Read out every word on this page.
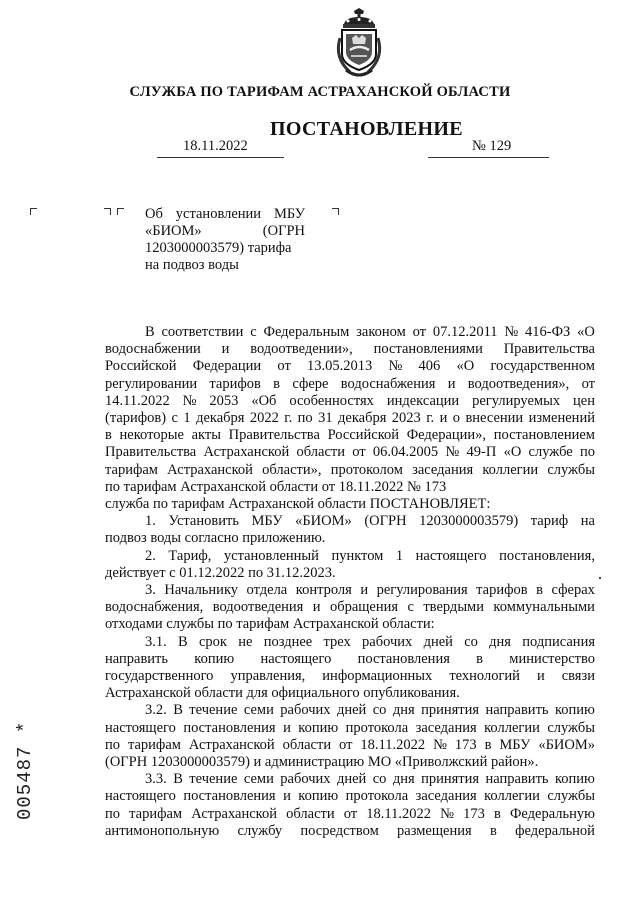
СЛУЖБА ПО ТАРИФАМ АСТРАХАНСКОЙ ОБЛАСТИ
ПОСТАНОВЛЕНИЕ
18.11.2022	№ 129
Об установлении МБУ
«БИОМ»	(ОГРН
1203000003579) тарифа
на подвоз воды
В соответствии с Федеральным законом от 07.12.2011 № 416-ФЗ «О
водоснабжении и водоотведении», постановлениями Правительства
Российской Федерации от 13.05.2013 № 406 «О государственном
регулировании тарифов в сфере водоснабжения и водоотведения», от
14.11.2022 № 2053 «Об особенностях индексации регулируемых цен
(тарифов) с 1 декабря 2022 г. по 31 декабря 2023 г. и о внесении изменений
в некоторые акты Правительства Российской Федерации», постановлением
Правительства Астраханской области от 06.04.2005 № 49-П «О службе по
тарифам Астраханской области», протоколом заседания коллегии службы
по тарифам Астраханской области от 18.11.2022 № 173
служба по тарифам Астраханской области ПОСТАНОВЛЯЕТ:
1. Установить МБУ «БИОМ» (ОГРН 1203000003579) тариф на
подвоз воды согласно приложению.
2. Тариф, установленный пунктом 1 настоящего постановления,
действует с 01.12.2022 по 31.12.2023.
3. Начальнику отдела контроля и регулирования тарифов в сферах
водоснабжения, водоотведения и обращения с твердыми коммунальными
отходами службы по тарифам Астраханской области:
3.1. В срок не позднее трех рабочих дней со дня подписания
направить копию настоящего постановления в министерство
государственного управления, информационных технологий и связи
Астраханской области для официального опубликования.
3.2. В течение семи рабочих дней со дня принятия направить копию
настоящего постановления и копию протокола заседания коллегии службы
по тарифам Астраханской области от 18.11.2022 № 173 в МБУ «БИОМ»
(ОГРН 1203000003579) и администрацию МО «Приволжский район».
3.3. В течение семи рабочих дней со дня принятия направить копию
настоящего постановления и копию протокола заседания коллегии службы
по тарифам Астраханской области от 18.11.2022 № 173 в Федеральную
антимонопольную службу посредством размещения в федеральной
005487 *
